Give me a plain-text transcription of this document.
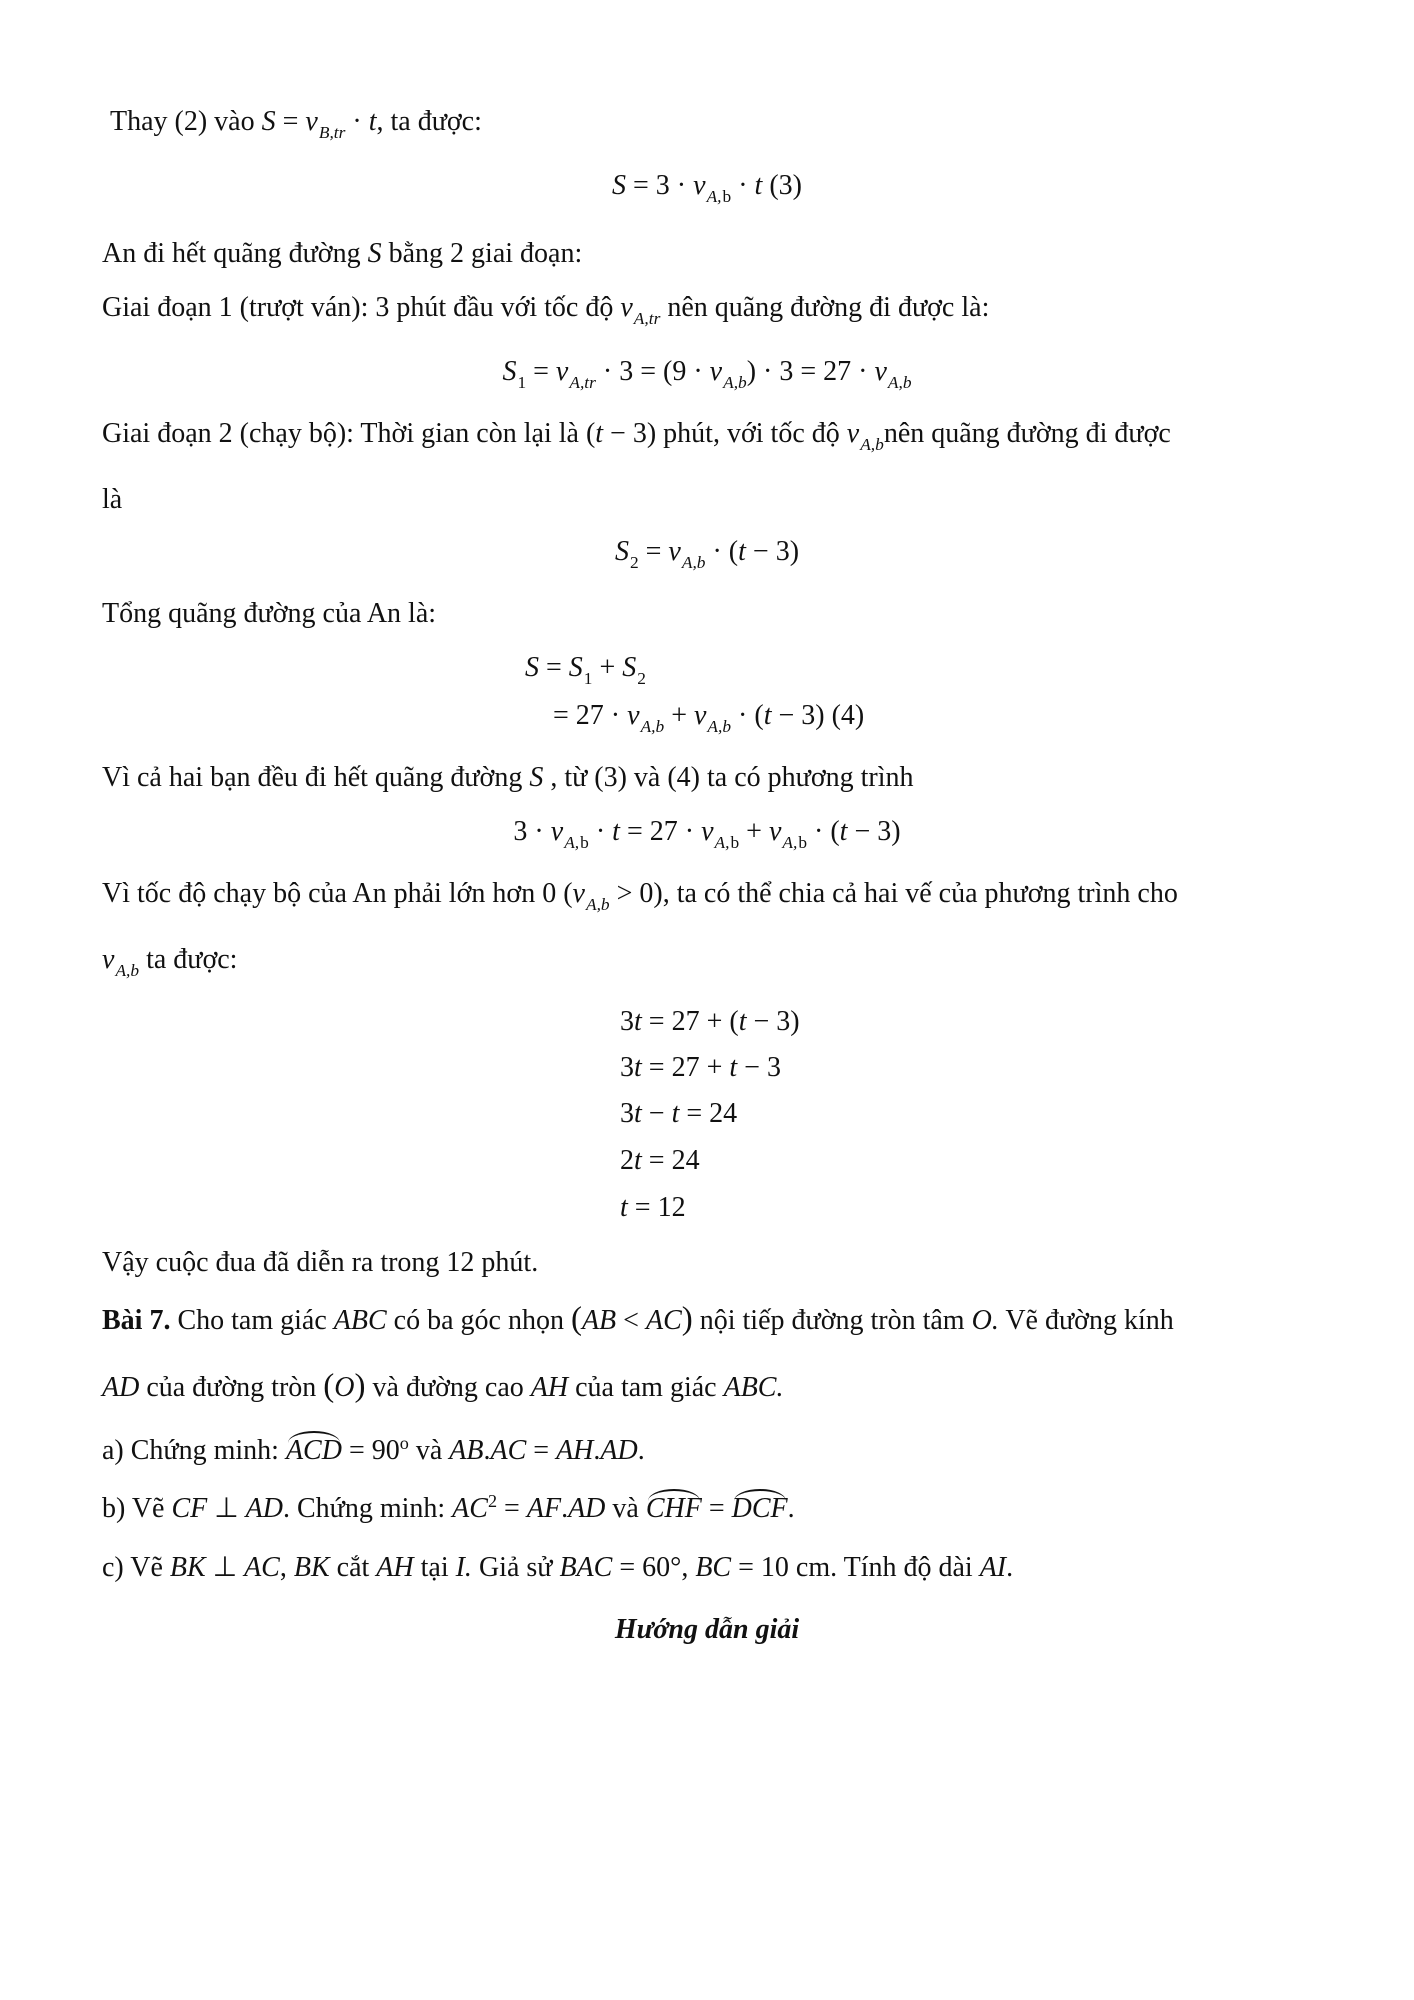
Thay (2) vào $S = v_{B,tr} \cdot t$, ta được:
$S = 3 \cdot v_{A,b} \cdot t$ (3)
An đi hết quãng đường S bằng 2 giai đoạn:
Giai đoạn 1 (trượt ván): 3 phút đầu với tốc độ $v_{A,tr}$ nên quãng đường đi được là:
$S_1 = v_{A,tr} \cdot 3 = (9 \cdot v_{A,b}) \cdot 3 = 27 \cdot v_{A,b}$
Giai đoạn 2 (chạy bộ): Thời gian còn lại là (t − 3) phút, với tốc độ $v_{A,b}nên$ quãng đường đi được
là
$S_2 = v_{A,b} \cdot (t - 3)$
Tổng quãng đường của An là:
$S = S_1 + S_2$
= $27 \cdot v_{A,b} + v_{A,b} \cdot (t - 3)$ (4)
Vì cả hai bạn đều đi hết quãng đường S , từ (3) và (4) ta có phương trình
$3 \cdot v_{A,b} \cdot t = 27 \cdot v_{A,b} + v_{A,b} \cdot (t - 3)$
Vì tốc độ chạy bộ của An phải lớn hơn 0 $(v_{A,b} > 0)$, ta có thể chia cả hai vế của phương trình cho
$v_{A,b}$ ta được:
3t = 27 + (t − 3)
3t = 27 + t − 3
3t − t = 24
2t = 24
t = 12
Vậy cuộc đua đã diễn ra trong 12 phút.
Bài 7. Cho tam giác ABC có ba góc nhọn (AB < AC) nội tiếp đường tròn tâm O. Vẽ đường kính
AD của đường tròn (O) và đường cao AH của tam giác ABC.
a) Chứng minh: ACD = $90^o$ và AB.AC = AH.AD.
b) Vẽ CF ⊥ AD. Chứng minh: $AC^2 = AF.AD$ và CHF = DCF.
c) Vẽ BK ⊥ AC, BK cắt AH tại I. Giả sử BAC = 60°, BC = 10 cm. Tính độ dài AI.
Hướng dẫn giải
